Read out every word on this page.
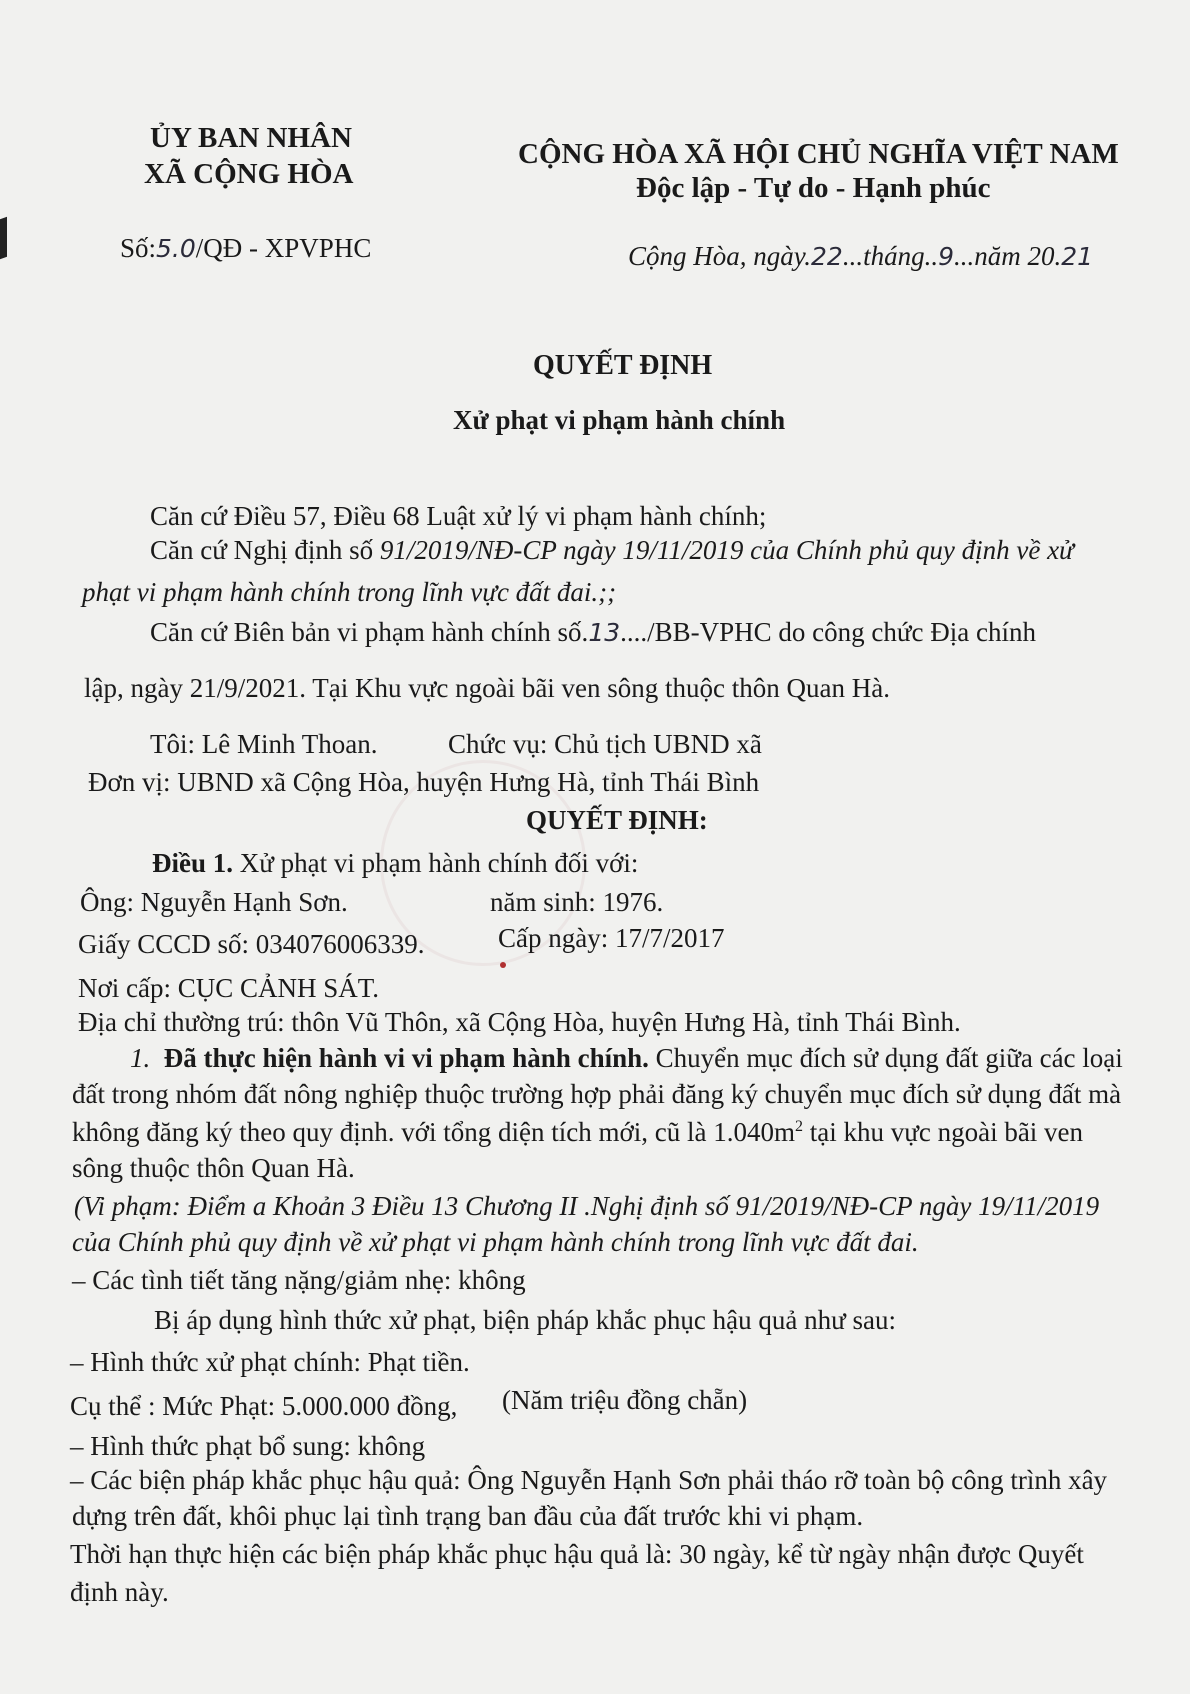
ỦY BAN NHÂN
XÃ CỘNG HÒA
CỘNG HÒA XÃ HỘI CHỦ NGHĨA VIỆT NAM
Độc lập - Tự do - Hạnh phúc
Số:5.0/QĐ - XPVPHC	Cộng Hòa, ngày.22...tháng..9...năm 20.21
QUYẾT ĐỊNH
Xử phạt vi phạm hành chính
Căn cứ Điều 57, Điều 68 Luật xử lý vi phạm hành chính;
Căn cứ Nghị định số 91/2019/NĐ-CP ngày 19/11/2019 của Chính phủ quy định về xử
phạt vi phạm hành chính trong lĩnh vực đất đai.;;
Căn cứ Biên bản vi phạm hành chính số.13..../BB-VPHC do công chức Địa chính
lập, ngày 21/9/2021. Tại Khu vực ngoài bãi ven sông thuộc thôn Quan Hà.
Tôi: Lê Minh Thoan.	Chức vụ: Chủ tịch UBND xã
Đơn vị: UBND xã Cộng Hòa, huyện Hưng Hà, tỉnh Thái Bình
QUYẾT ĐỊNH:
Điều 1. Xử phạt vi phạm hành chính đối với:
Ông: Nguyễn Hạnh Sơn.	năm sinh: 1976.
Giấy CCCD số: 034076006339.	Cấp ngày: 17/7/2017
Nơi cấp: CỤC CẢNH SÁT.
Địa chỉ thường trú: thôn Vũ Thôn, xã Cộng Hòa, huyện Hưng Hà, tỉnh Thái Bình.
1. Đã thực hiện hành vi vi phạm hành chính. Chuyển mục đích sử dụng đất giữa các loại
đất trong nhóm đất nông nghiệp thuộc trường hợp phải đăng ký chuyển mục đích sử dụng đất mà
không đăng ký theo quy định. với tổng diện tích mới, cũ là $1.040m^2$ tại khu vực ngoài bãi ven
sông thuộc thôn Quan Hà.
(Vi phạm: Điểm a Khoản 3 Điều 13 Chương II .Nghị định số 91/2019/NĐ-CP ngày 19/11/2019
của Chính phủ quy định về xử phạt vi phạm hành chính trong lĩnh vực đất đai.
– Các tình tiết tăng nặng/giảm nhẹ: không
Bị áp dụng hình thức xử phạt, biện pháp khắc phục hậu quả như sau:
– Hình thức xử phạt chính: Phạt tiền.
Cụ thể : Mức Phạt: 5.000.000 đồng, (Năm triệu đồng chẵn)
– Hình thức phạt bổ sung: không
– Các biện pháp khắc phục hậu quả: Ông Nguyễn Hạnh Sơn phải tháo rỡ toàn bộ công trình xây
dựng trên đất, khôi phục lại tình trạng ban đầu của đất trước khi vi phạm.
Thời hạn thực hiện các biện pháp khắc phục hậu quả là: 30 ngày, kể từ ngày nhận được Quyết
định này.
